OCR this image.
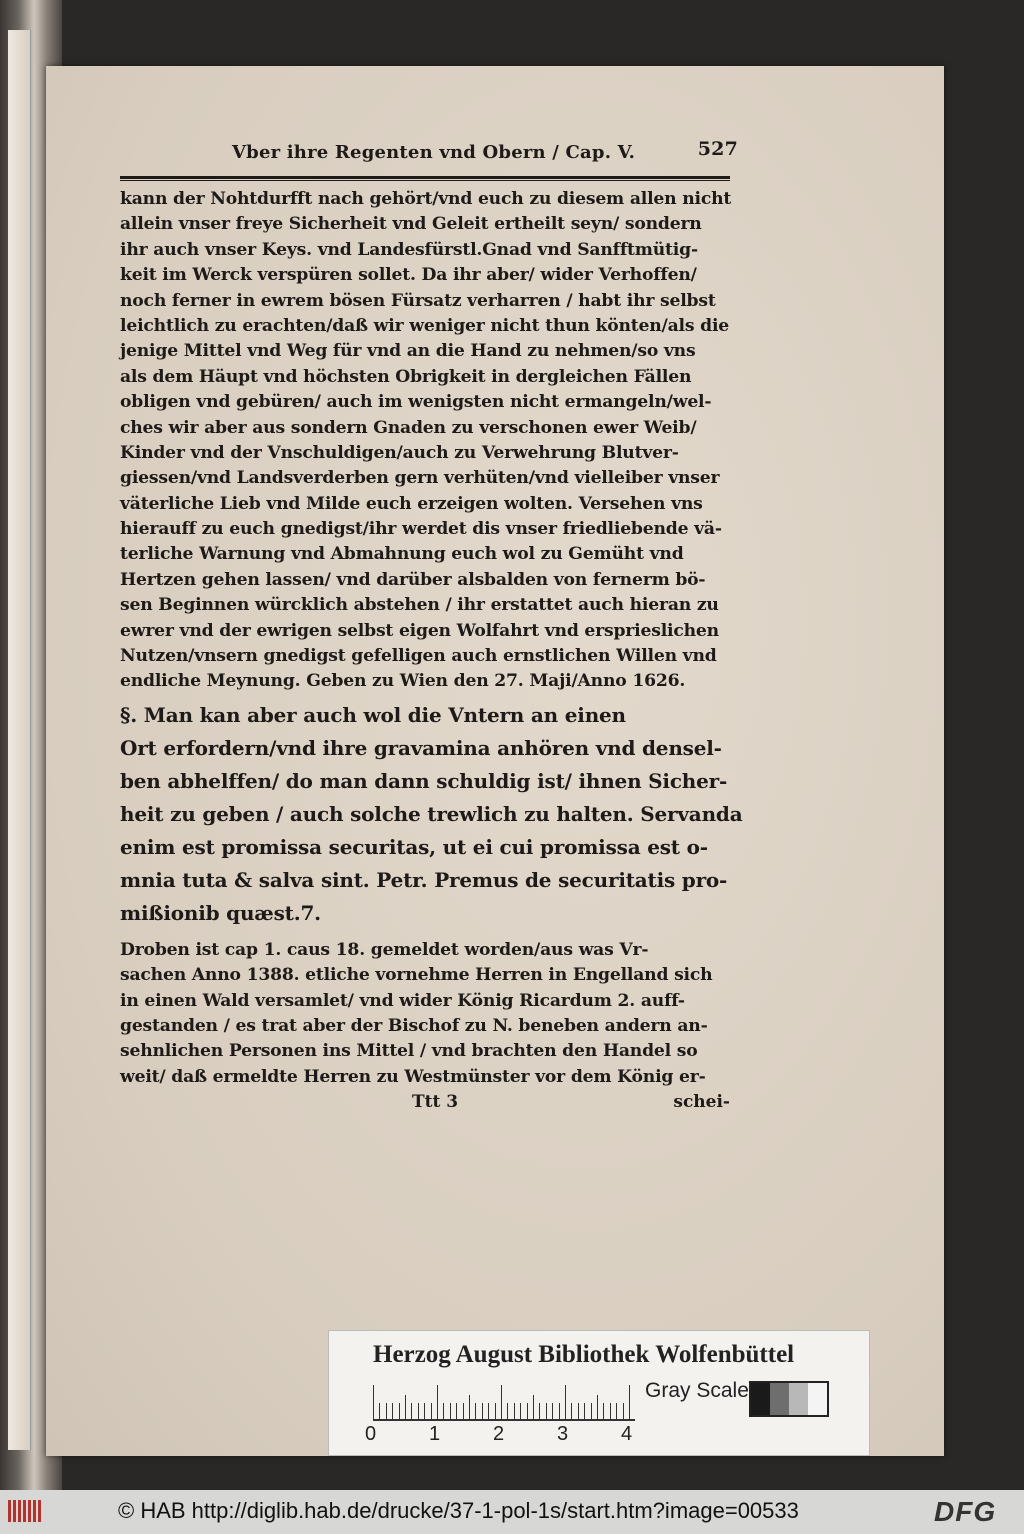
Vber ihre Regenten vnd Obern / Cap. V.	527
kann der Nohtdurfft nach gehört/vnd euch zu diesem allen nicht
allein vnser freye Sicherheit vnd Geleit ertheilt seyn/ sondern
ihr auch vnser Keys. vnd Landesfürstl.Gnad vnd Sanfftmütig-
keit im Werck verspüren sollet. Da ihr aber/ wider Verhoffen/
noch ferner in ewrem bösen Fürsatz verharren / habt ihr selbst
leichtlich zu erachten/daß wir weniger nicht thun könten/als die
jenige Mittel vnd Weg für vnd an die Hand zu nehmen/so vns
als dem Häupt vnd höchsten Obrigkeit in dergleichen Fällen
obligen vnd gebüren/ auch im wenigsten nicht ermangeln/wel-
ches wir aber aus sondern Gnaden zu verschonen ewer Weib/
Kinder vnd der Vnschuldigen/auch zu Verwehrung Blutver-
giessen/vnd Landsverderben gern verhüten/vnd vielleiber vnser
väterliche Lieb vnd Milde euch erzeigen wolten. Versehen vns
hierauff zu euch gnedigst/ihr werdet dis vnser friedliebende vä-
terliche Warnung vnd Abmahnung euch wol zu Gemüht vnd
Hertzen gehen lassen/ vnd darüber alsbalden von fernerm bö-
sen Beginnen würcklich abstehen / ihr erstattet auch hieran zu
ewrer vnd der ewrigen selbst eigen Wolfahrt vnd ersprieslichen
Nutzen/vnsern gnedigst gefelligen auch ernstlichen Willen vnd
endliche Meynung. Geben zu Wien den 27. Maji/Anno 1626.
§. Man kan aber auch wol die Vntern an einen
Ort erfordern/vnd ihre gravamina anhören vnd densel-
ben abhelffen/ do man dann schuldig ist/ ihnen Sicher-
heit zu geben / auch solche trewlich zu halten. Servanda
enim est promissa securitas, ut ei cui promissa est o-
mnia tuta & salva sint. Petr. Premus de securitatis pro-
mißionib quæst.7.
Droben ist cap 1. caus 18. gemeldet worden/aus was Vr-
sachen Anno 1388. etliche vornehme Herren in Engelland sich
in einen Wald versamlet/ vnd wider König Ricardum 2. auff-
gestanden / es trat aber der Bischof zu N. beneben andern an-
sehnlichen Personen ins Mittel / vnd brachten den Handel so
weit/ daß ermeldte Herren zu Westmünster vor dem König er-
Ttt 3	schei-
Herzog August Bibliothek Wolfenbüttel
0	1	2	3	4
Gray Scale
© HAB http://diglib.hab.de/drucke/37-1-pol-1s/start.htm?image=00533	DFG
